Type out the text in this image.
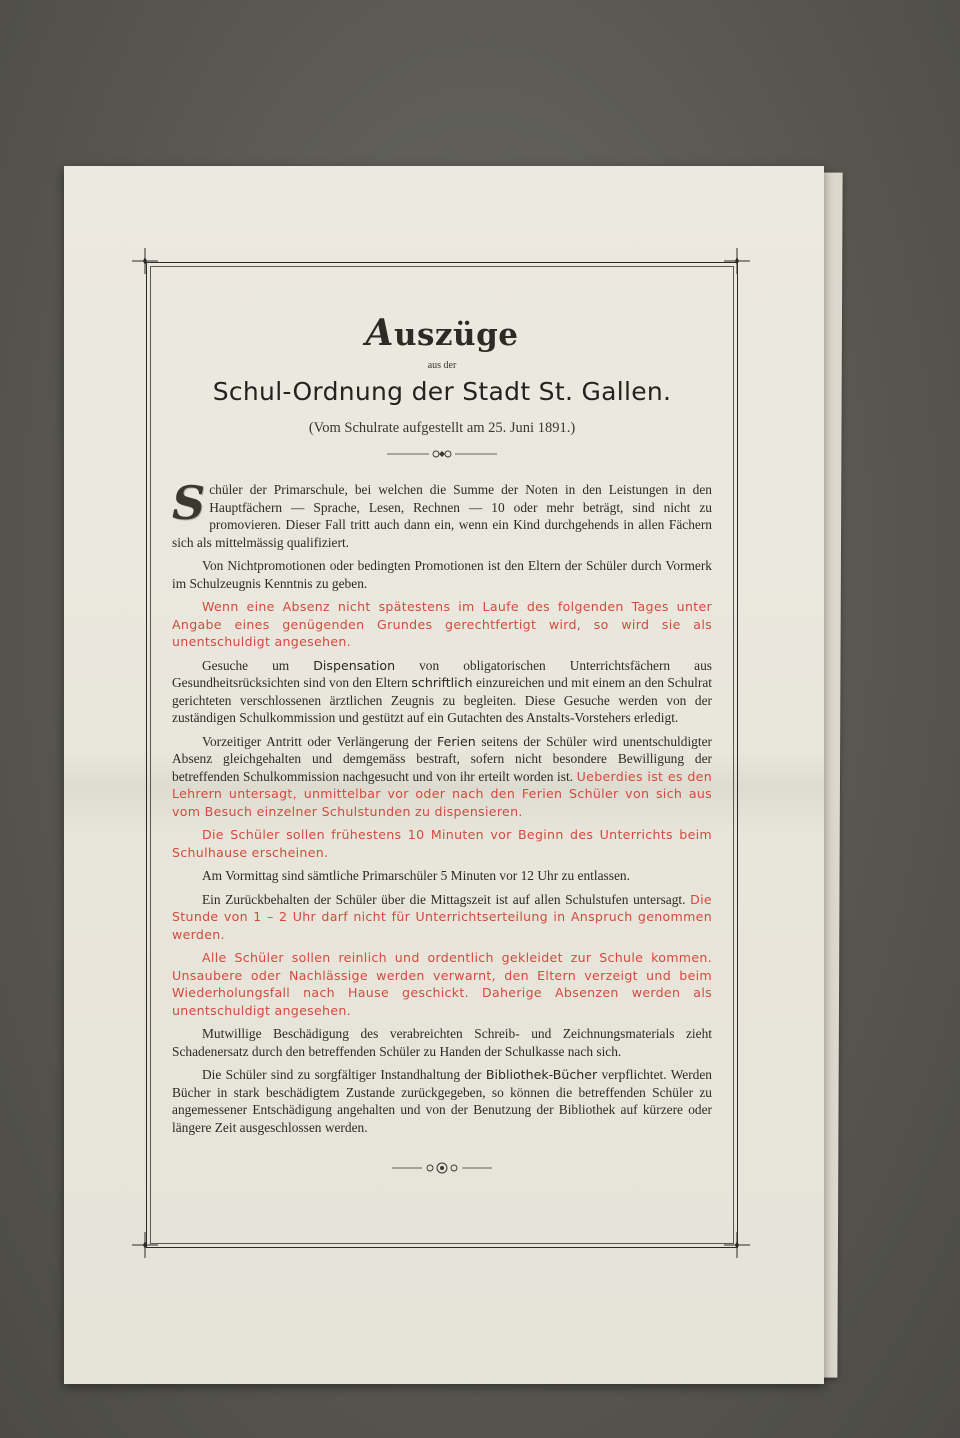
Auszüge
aus der
Schul-Ordnung der Stadt St. Gallen.
(Vom Schulrate aufgestellt am 25. Juni 1891.)

Schüler der Primarschule, bei welchen die Summe der Noten in den Leistungen in den Hauptfächern — Sprache, Lesen, Rechnen — 10 oder mehr beträgt, sind nicht zu promovieren. Dieser Fall tritt auch dann ein, wenn ein Kind durchgehends in allen Fächern sich als mittelmässig qualifiziert.

Von Nichtpromotionen oder bedingten Promotionen ist den Eltern der Schüler durch Vormerk im Schulzeugnis Kenntnis zu geben.

Wenn eine Absenz nicht spätestens im Laufe des folgenden Tages unter Angabe eines genügenden Grundes gerechtfertigt wird, so wird sie als unentschuldigt angesehen.

Gesuche um Dispensation von obligatorischen Unterrichtsfächern aus Gesundheitsrücksichten sind von den Eltern schriftlich einzureichen und mit einem an den Schulrat gerichteten verschlossenen ärztlichen Zeugnis zu begleiten. Diese Gesuche werden von der zuständigen Schulkommission und gestützt auf ein Gutachten des Anstalts-Vorstehers erledigt.

Vorzeitiger Antritt oder Verlängerung der Ferien seitens der Schüler wird unentschuldigter Absenz gleichgehalten und demgemäss bestraft, sofern nicht besondere Bewilligung der betreffenden Schulkommission nachgesucht und von ihr erteilt worden ist. Ueberdies ist es den Lehrern untersagt, unmittelbar vor oder nach den Ferien Schüler von sich aus vom Besuch einzelner Schulstunden zu dispensieren.

Die Schüler sollen frühestens 10 Minuten vor Beginn des Unterrichts beim Schulhause erscheinen.

Am Vormittag sind sämtliche Primarschüler 5 Minuten vor 12 Uhr zu entlassen.

Ein Zurückbehalten der Schüler über die Mittagszeit ist auf allen Schulstufen untersagt. Die Stunde von 1 – 2 Uhr darf nicht für Unterrichtserteilung in Anspruch genommen werden.

Alle Schüler sollen reinlich und ordentlich gekleidet zur Schule kommen. Unsaubere oder Nachlässige werden verwarnt, den Eltern verzeigt und beim Wiederholungsfall nach Hause geschickt. Daherige Absenzen werden als unentschuldigt angesehen.

Mutwillige Beschädigung des verabreichten Schreib- und Zeichnungsmaterials zieht Schadenersatz durch den betreffenden Schüler zu Handen der Schulkasse nach sich.

Die Schüler sind zu sorgfältiger Instandhaltung der Bibliothek-Bücher verpflichtet. Werden Bücher in stark beschädigtem Zustande zurückgegeben, so können die betreffenden Schüler zu angemessener Entschädigung angehalten und von der Benutzung der Bibliothek auf kürzere oder längere Zeit ausgeschlossen werden.
